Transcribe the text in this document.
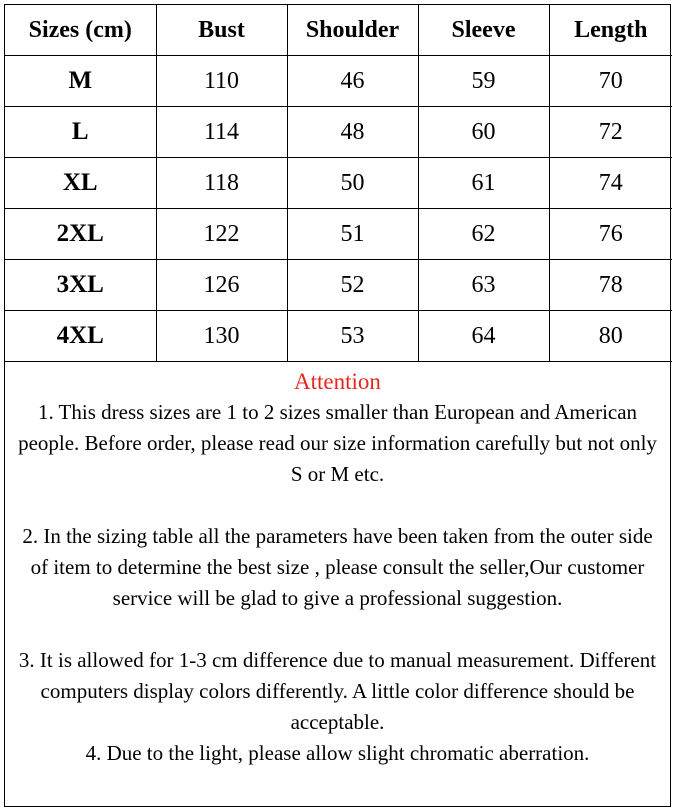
Sizes (cm)	Bust	Shoulder	Sleeve	Length
M	110	46	59	70
L	114	48	60	72
XL	118	50	61	74
2XL	122	51	62	76
3XL	126	52	63	78
4XL	130	53	64	80
Attention

1. This dress sizes are 1 to 2 sizes smaller than European and American people. Before order, please read our size information carefully but not only S or M etc.

2. In the sizing table all the parameters have been taken from the outer side of item to determine the best size , please consult the seller,Our customer service will be glad to give a professional suggestion.

3. It is allowed for 1-3 cm difference due to manual measurement. Different computers display colors differently. A little color difference should be acceptable.

4. Due to the light, please allow slight chromatic aberration.
